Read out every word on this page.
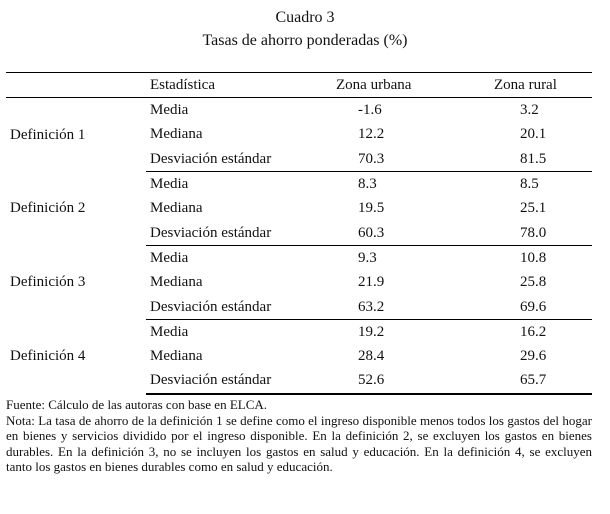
Cuadro 3
Tasas de ahorro ponderadas (%)
	Estadística	Zona urbana	Zona rural
Definición 1	Media	-1.6	3.2
	Mediana	12.2	20.1
	Desviación estándar	70.3	81.5
Definición 2	Media	8.3	8.5
	Mediana	19.5	25.1
	Desviación estándar	60.3	78.0
Definición 3	Media	9.3	10.8
	Mediana	21.9	25.8
	Desviación estándar	63.2	69.6
Definición 4	Media	19.2	16.2
	Mediana	28.4	29.6
	Desviación estándar	52.6	65.7

Fuente: Cálculo de las autoras con base en ELCA.

Nota: La tasa de ahorro de la definición 1 se define como el ingreso disponible menos todos los gastos del hogar en bienes y servicios dividido por el ingreso disponible. En la definición 2, se excluyen los gastos en bienes durables. En la definición 3, no se incluyen los gastos en salud y educación. En la definición 4, se excluyen tanto los gastos en bienes durables como en salud y educación.
